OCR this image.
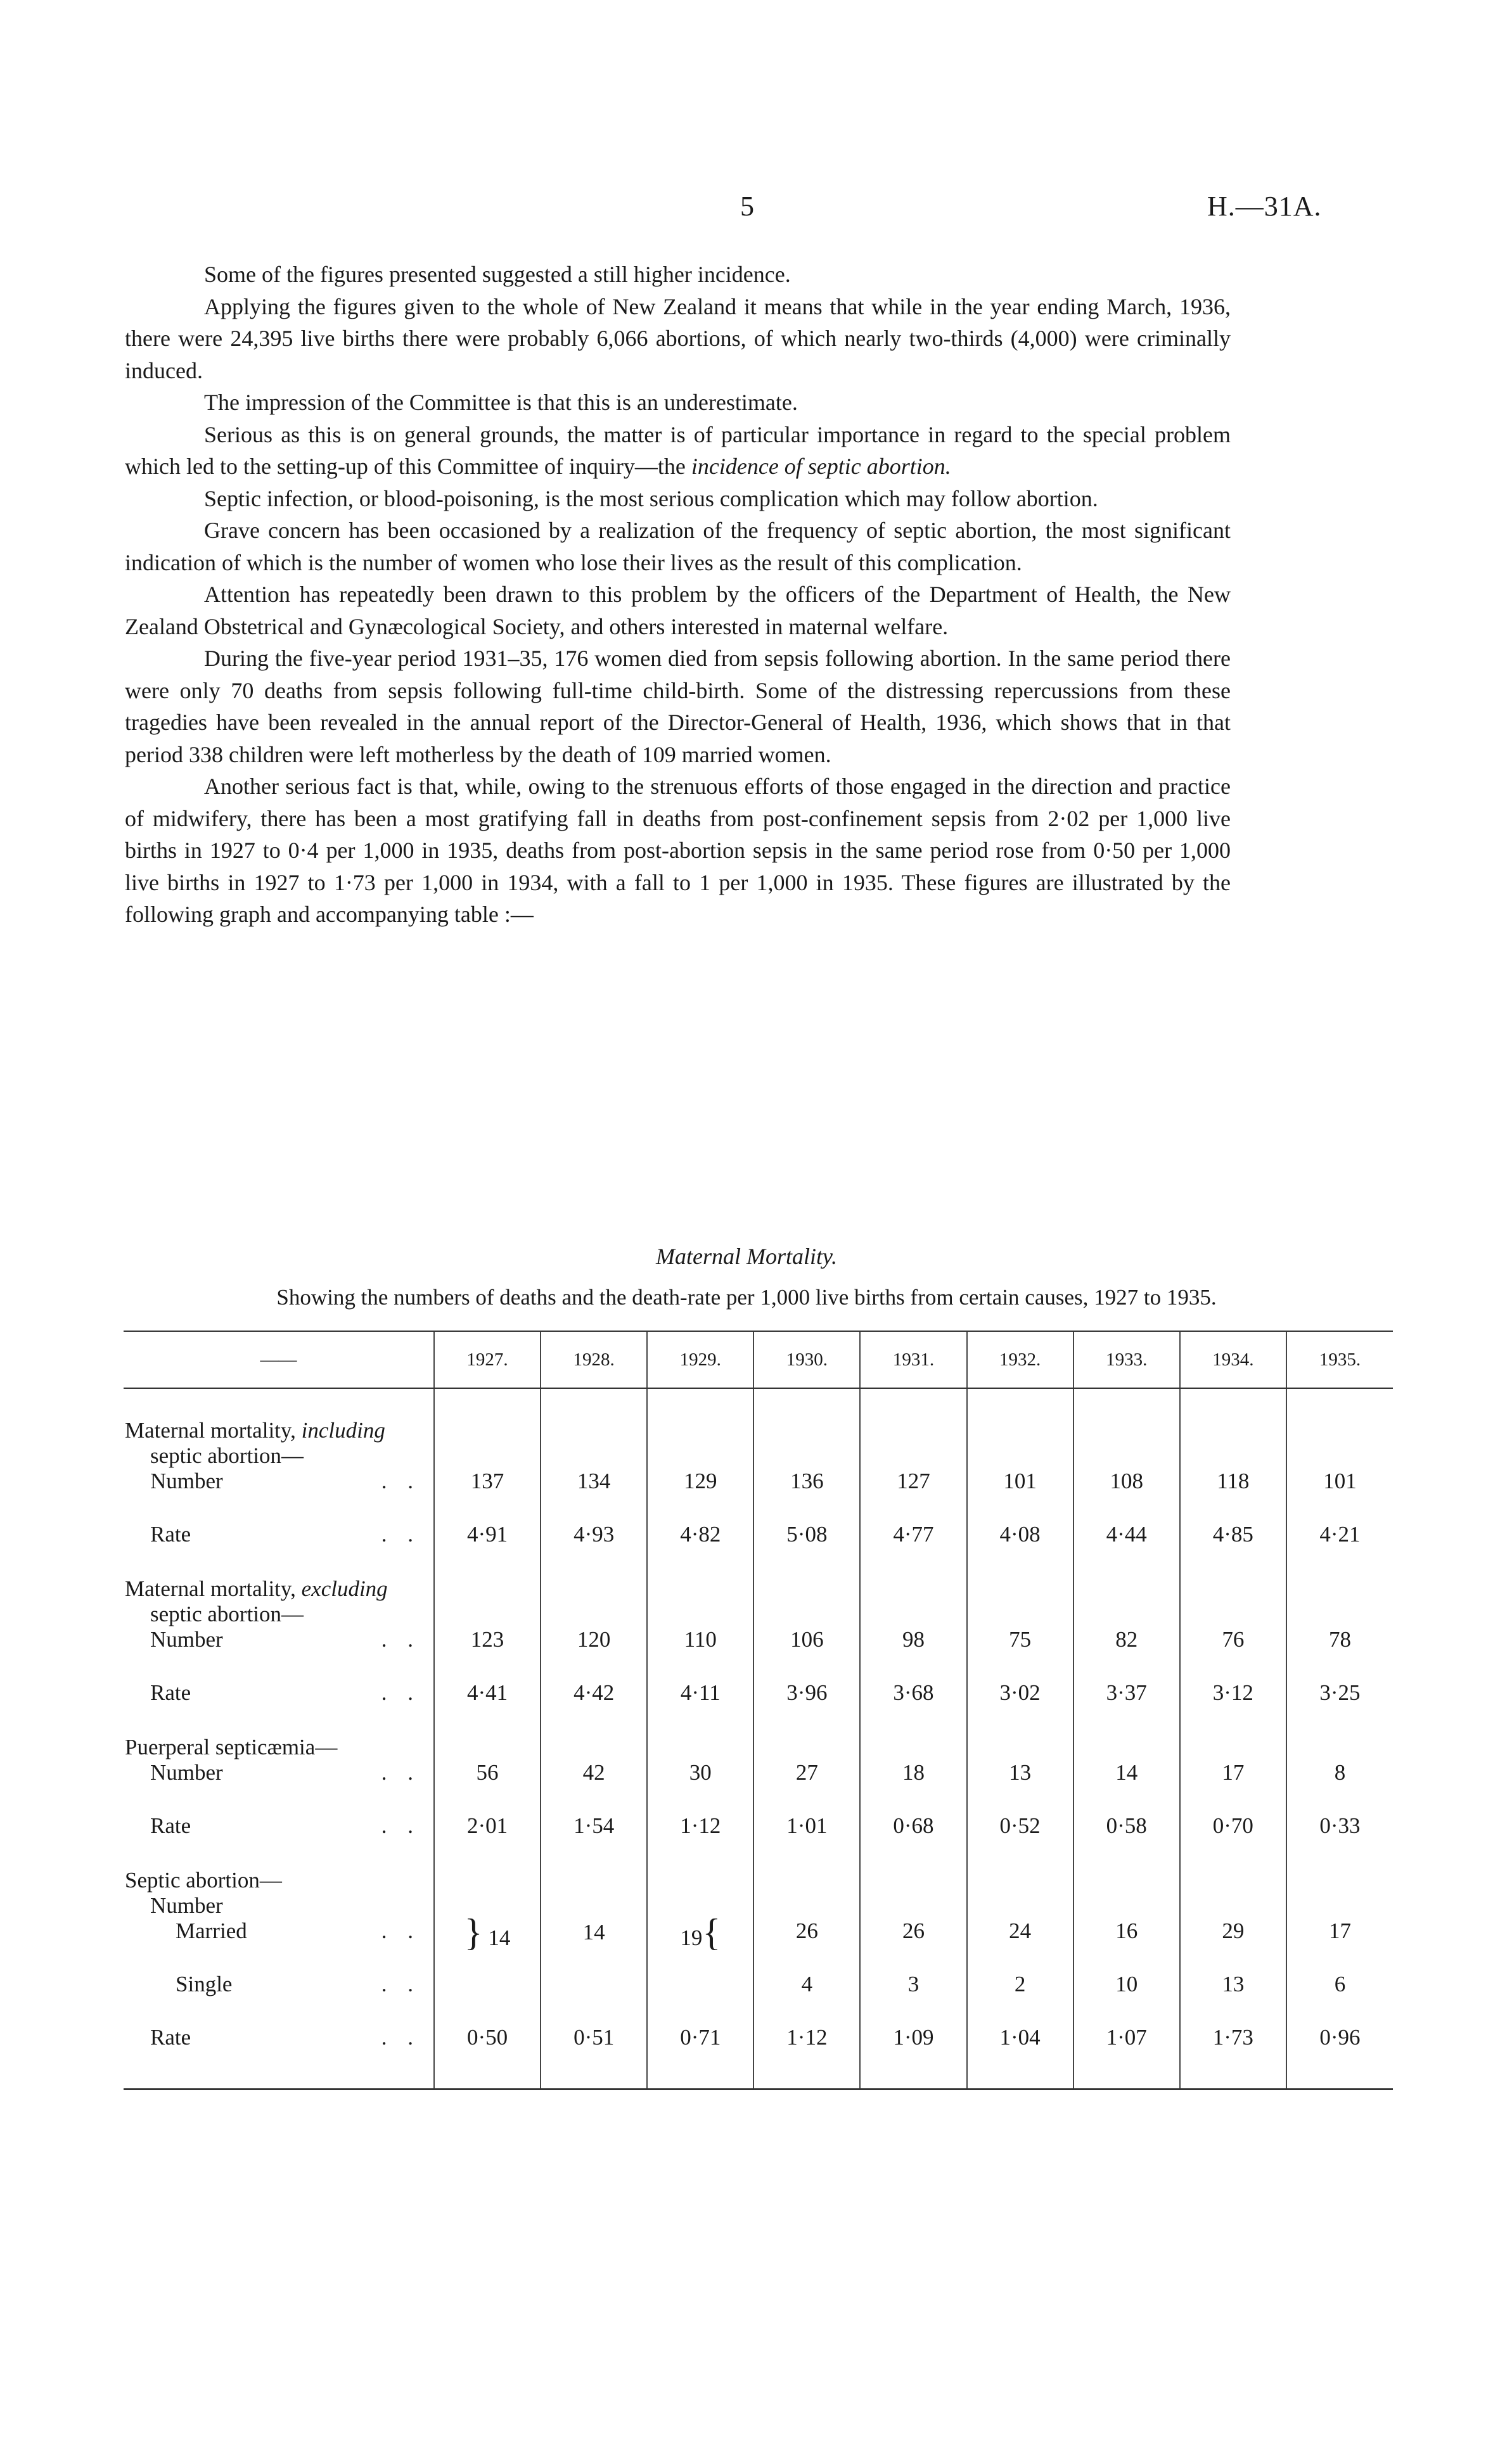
5	H.—31A.

Some of the figures presented suggested a still higher incidence.

Applying the figures given to the whole of New Zealand it means that while in the year ending March, 1936, there were 24,395 live births there were probably 6,066 abortions, of which nearly two-thirds (4,000) were criminally induced.

The impression of the Committee is that this is an underestimate.

Serious as this is on general grounds, the matter is of particular importance in regard to the special problem which led to the setting-up of this Committee of inquiry—the incidence of septic abortion.

Septic infection, or blood-poisoning, is the most serious complication which may follow abortion.

Grave concern has been occasioned by a realization of the frequency of septic abortion, the most significant indication of which is the number of women who lose their lives as the result of this complication.

Attention has repeatedly been drawn to this problem by the officers of the Department of Health, the New Zealand Obstetrical and Gynæcological Society, and others interested in maternal welfare.

During the five-year period 1931–35, 176 women died from sepsis following abortion. In the same period there were only 70 deaths from sepsis following full-time child-birth. Some of the distressing repercussions from these tragedies have been revealed in the annual report of the Director-General of Health, 1936, which shows that in that period 338 children were left motherless by the death of 109 married women.

Another serious fact is that, while, owing to the strenuous efforts of those engaged in the direction and practice of midwifery, there has been a most gratifying fall in deaths from post-confinement sepsis from 2·02 per 1,000 live births in 1927 to 0·4 per 1,000 in 1935, deaths from post-abortion sepsis in the same period rose from 0·50 per 1,000 live births in 1927 to 1·73 per 1,000 in 1934, with a fall to 1 per 1,000 in 1935. These figures are illustrated by the following graph and accompanying table :—

Maternal Mortality.
Showing the numbers of deaths and the death-rate per 1,000 live births from certain causes, 1927 to 1935.
——	1927.	1928.	1929.	1930.	1931.	1932.	1933.	1934.	1935.

Maternal mortality, including
septic abortion—
Number . .	137	134	129	136	127	101	108	118	101

Rate . .	4·91	4·93	4·82	5·08	4·77	4·08	4·44	4·85	4·21

Maternal mortality, excluding
septic abortion—
Number . .	123	120	110	106	98	75	82	76	78

Rate . .	4·41	4·42	4·11	3·96	3·68	3·02	3·37	3·12	3·25

Puerperal septicæmia—
Number . .	56	42	30	27	18	13	14	17	8

Rate . .	2·01	1·54	1·12	1·01	0·68	0·52	0·58	0·70	0·33

Septic abortion—
Number
Married . .	} 14	14	19{	26	26	24	16	29	17

Single . .				4	3	2	10	13	6

Rate . .	0·50	0·51	0·71	1·12	1·09	1·04	1·07	1·73	0·96
